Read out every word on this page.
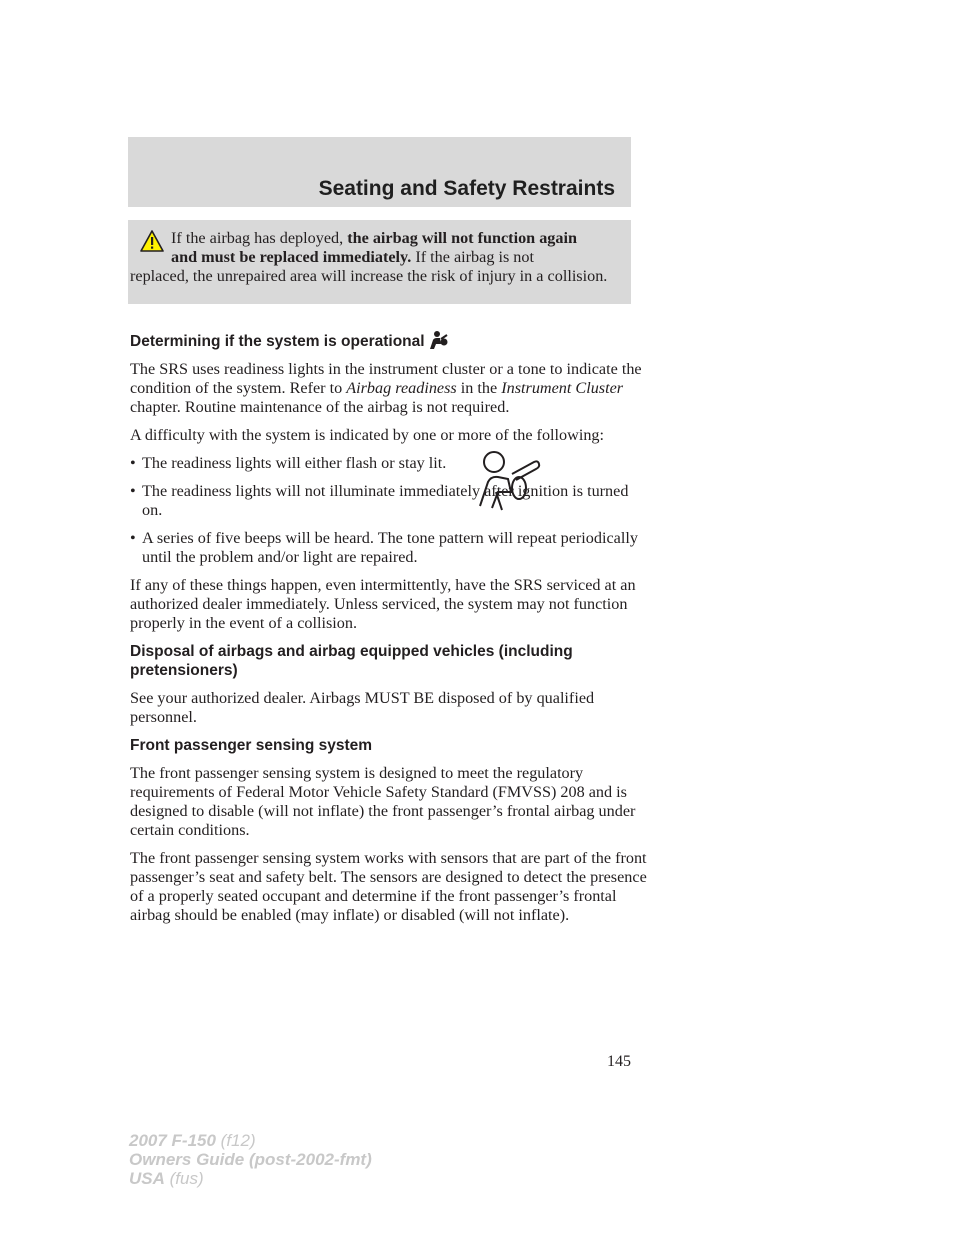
Seating and Safety Restraints
If the airbag has deployed, the airbag will not function again
and must be replaced immediately. If the airbag is not
replaced, the unrepaired area will increase the risk of injury in a collision.
Determining if the system is operational

The SRS uses readiness lights in the instrument cluster or a tone to indicate the condition of the system. Refer to Airbag readiness in the Instrument Cluster chapter. Routine maintenance of the airbag is not required.

A difficulty with the system is indicated by one or more of the following:

• The readiness lights will either flash or stay lit.
• The readiness lights will not illuminate immediately after ignition is turned on.
• A series of five beeps will be heard. The tone pattern will repeat periodically until the problem and/or light are repaired.

If any of these things happen, even intermittently, have the SRS serviced at an authorized dealer immediately. Unless serviced, the system may not function properly in the event of a collision.

Disposal of airbags and airbag equipped vehicles (including pretensioners)

See your authorized dealer. Airbags MUST BE disposed of by qualified personnel.

Front passenger sensing system

The front passenger sensing system is designed to meet the regulatory requirements of Federal Motor Vehicle Safety Standard (FMVSS) 208 and is designed to disable (will not inflate) the front passenger’s frontal airbag under certain conditions.

The front passenger sensing system works with sensors that are part of the front passenger’s seat and safety belt. The sensors are designed to detect the presence of a properly seated occupant and determine if the front passenger’s frontal airbag should be enabled (may inflate) or disabled (will not inflate).

145
2007 F-150 (f12)
Owners Guide (post-2002-fmt)
USA (fus)
